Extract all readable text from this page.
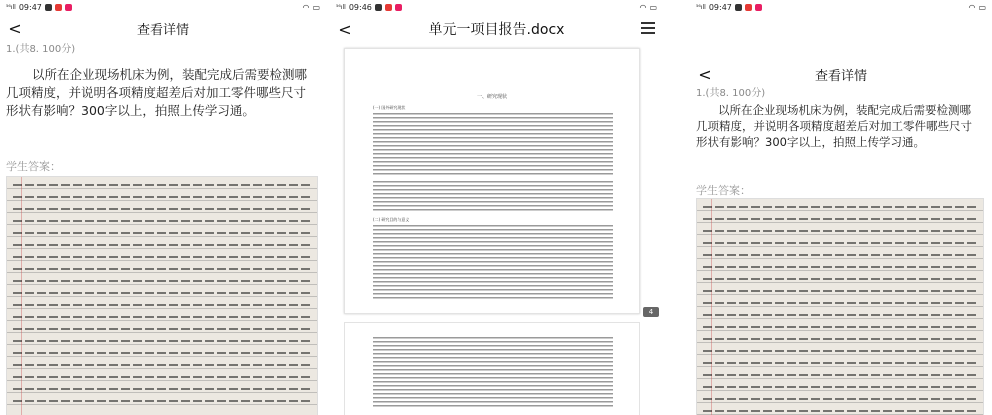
⁵⁶ıll 09:47	◠ ▭
<	查看详情
1.(共8. 100分)
以所在企业现场机床为例，装配完成后需要检测哪几项精度，并说明各项精度超差后对加工零件哪些尺寸形状有影响？300字以上，拍照上传学习通。
学生答案：
⁵⁶ıll 09:46	◠ ▭
<	单元一项目报告.docx
一、研究现状
(一) 国外研究现状
(二) 研究目的与意义
4
⁵⁶ıll 09:47	◠ ▭
<	查看详情
1.(共8. 100分)
以所在企业现场机床为例，装配完成后需要检测哪几项精度，并说明各项精度超差后对加工零件哪些尺寸形状有影响？300字以上，拍照上传学习通。
学生答案：
